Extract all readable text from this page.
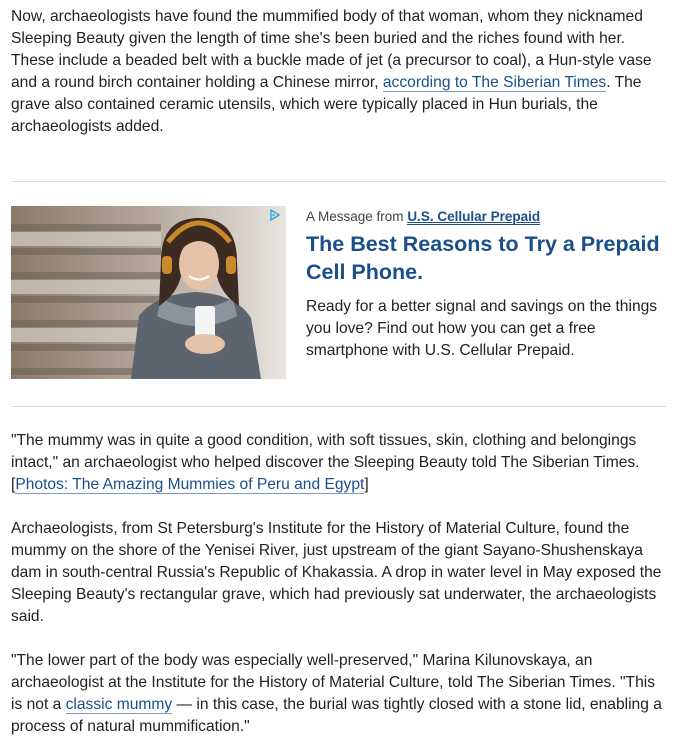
Now, archaeologists have found the mummified body of that woman, whom they nicknamed Sleeping Beauty given the length of time she's been buried and the riches found with her. These include a beaded belt with a buckle made of jet (a precursor to coal), a Hun-style vase and a round birch container holding a Chinese mirror, according to The Siberian Times. The grave also contained ceramic utensils, which were typically placed in Hun burials, the archaeologists added.

A Message from U.S. Cellular Prepaid
The Best Reasons to Try a Prepaid Cell Phone.

Ready for a better signal and savings on the things you love? Find out how you can get a free smartphone with U.S. Cellular Prepaid.

"The mummy was in quite a good condition, with soft tissues, skin, clothing and belongings intact," an archaeologist who helped discover the Sleeping Beauty told The Siberian Times. [Photos: The Amazing Mummies of Peru and Egypt]

Archaeologists, from St Petersburg's Institute for the History of Material Culture, found the mummy on the shore of the Yenisei River, just upstream of the giant Sayano-Shushenskaya dam in south-central Russia's Republic of Khakassia. A drop in water level in May exposed the Sleeping Beauty's rectangular grave, which had previously sat underwater, the archaeologists said.

"The lower part of the body was especially well-preserved," Marina Kilunovskaya, an archaeologist at the Institute for the History of Material Culture, told The Siberian Times. "This is not a classic mummy — in this case, the burial was tightly closed with a stone lid, enabling a process of natural mummification."
